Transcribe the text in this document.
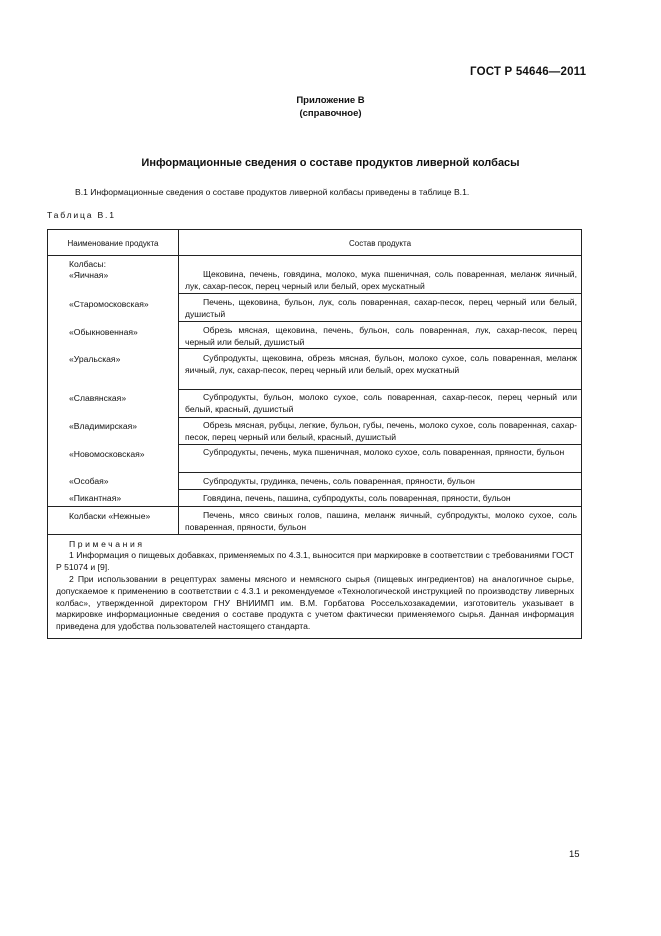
ГОСТ Р 54646—2011
Приложение В
(справочное)
Информационные сведения о составе продуктов ливерной колбасы
В.1 Информационные сведения о составе продуктов ливерной колбасы приведены в таблице В.1.
Таблица В.1
Наименование продукта	Состав продукта
Колбасы:
«Яичная»	Щековина, печень, говядина, молоко, мука пшеничная, соль поваренная, меланж яичный, лук, сахар-песок, перец черный или белый, орех мускатный
«Старомосковская»	Печень, щековина, бульон, лук, соль поваренная, сахар-песок, перец черный или белый, душистый
«Обыкновенная»	Обрезь мясная, щековина, печень, бульон, соль поваренная, лук, сахар-песок, перец черный или белый, душистый
«Уральская»	Субпродукты, щековина, обрезь мясная, бульон, молоко сухое, соль поваренная, меланж яичный, лук, сахар-песок, перец черный или белый, орех мускатный
«Славянская»	Субпродукты, бульон, молоко сухое, соль поваренная, сахар-песок, перец черный или белый, красный, душистый
«Владимирская»	Обрезь мясная, рубцы, легкие, бульон, губы, печень, молоко сухое, соль поваренная, сахар-песок, перец черный или белый, красный, душистый
«Новомосковская»	Субпродукты, печень, мука пшеничная, молоко сухое, соль поваренная, пряности, бульон
«Особая»	Субпродукты, грудинка, печень, соль поваренная, пряности, бульон
«Пикантная»	Говядина, печень, пашина, субпродукты, соль поваренная, пряности, бульон
Колбаски «Нежные»	Печень, мясо свиных голов, пашина, меланж яичный, субпродукты, молоко сухое, соль поваренная, пряности, бульон
Примечания
1 Информация о пищевых добавках, применяемых по 4.3.1, выносится при маркировке в соответствии с требованиями ГОСТ Р 51074 и [9].
2 При использовании в рецептурах замены мясного и немясного сырья (пищевых ингредиентов) на аналогичное сырье, допускаемое к применению в соответствии с 4.3.1 и рекомендуемое «Технологической инструкцией по производству ливерных колбас», утвержденной директором ГНУ ВНИИМП им. В.М. Горбатова Россельхозакадемии, изготовитель указывает в маркировке информационные сведения о составе продукта с учетом фактически применяемого сырья. Данная информация приведена для удобства пользователей настоящего стандарта.
15
